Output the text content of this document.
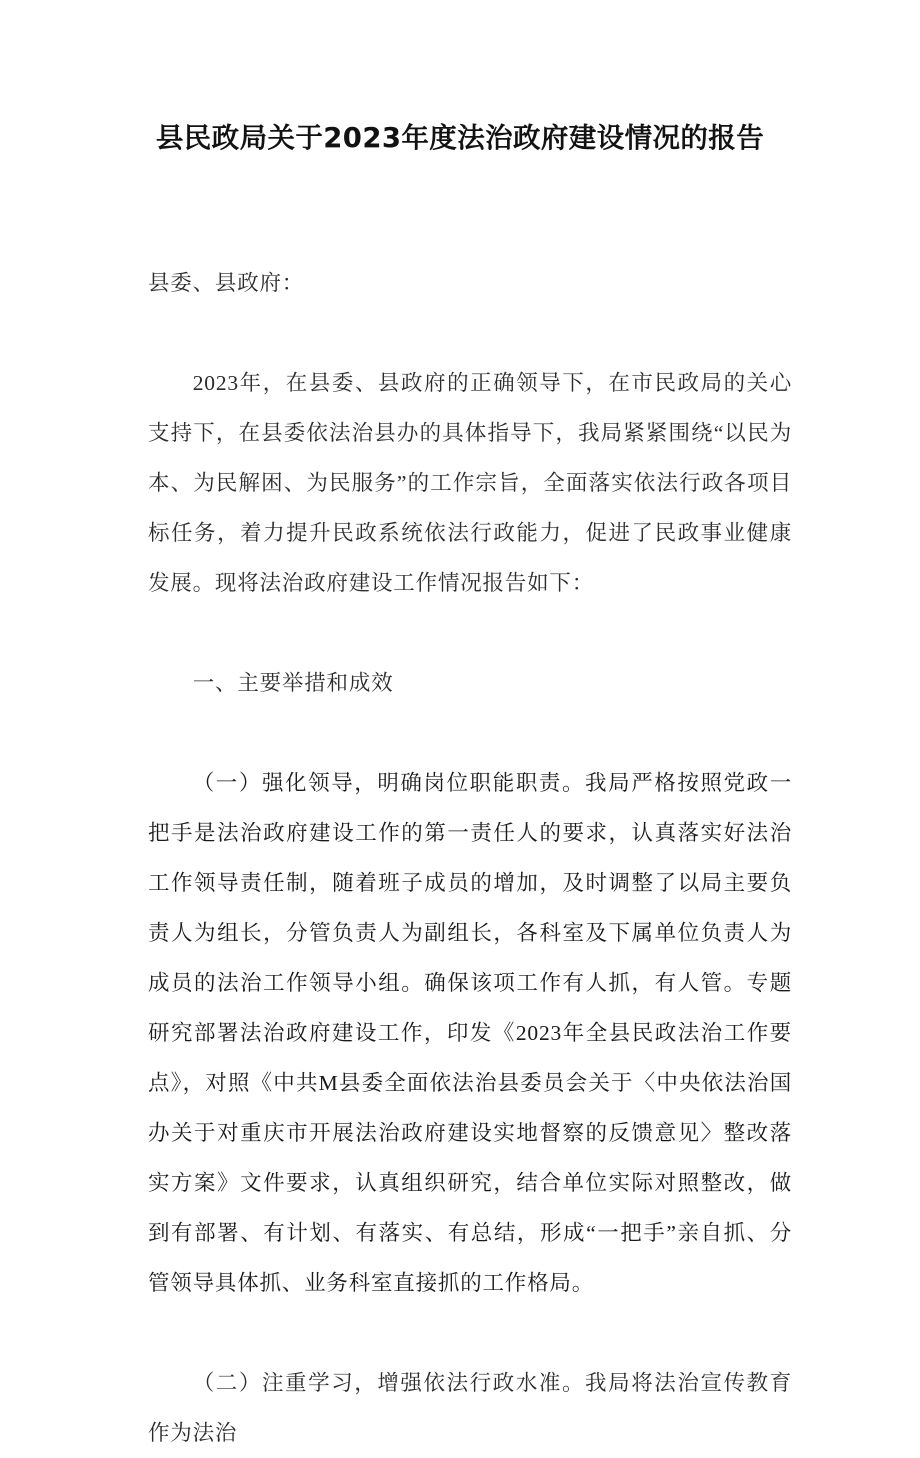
县民政局关于2023年度法治政府建设情况的报告

县委、县政府：

2023年，在县委、县政府的正确领导下，在市民政局的关心支持下，在县委依法治县办的具体指导下，我局紧紧围绕“以民为本、为民解困、为民服务”的工作宗旨，全面落实依法行政各项目标任务，着力提升民政系统依法行政能力，促进了民政事业健康发展。现将法治政府建设工作情况报告如下：

一、主要举措和成效

（一）强化领导，明确岗位职能职责。我局严格按照党政一把手是法治政府建设工作的第一责任人的要求，认真落实好法治工作领导责任制，随着班子成员的增加，及时调整了以局主要负责人为组长，分管负责人为副组长，各科室及下属单位负责人为成员的法治工作领导小组。确保该项工作有人抓，有人管。专题研究部署法治政府建设工作，印发《2023年全县民政法治工作要点》，对照《中共M县委全面依法治县委员会关于〈中央依法治国办关于对重庆市开展法治政府建设实地督察的反馈意见〉整改落实方案》文件要求，认真组织研究，结合单位实际对照整改，做到有部署、有计划、有落实、有总结，形成“一把手”亲自抓、分管领导具体抓、业务科室直接抓的工作格局。

（二）注重学习，增强依法行政水准。我局将法治宣传教育作为法治
